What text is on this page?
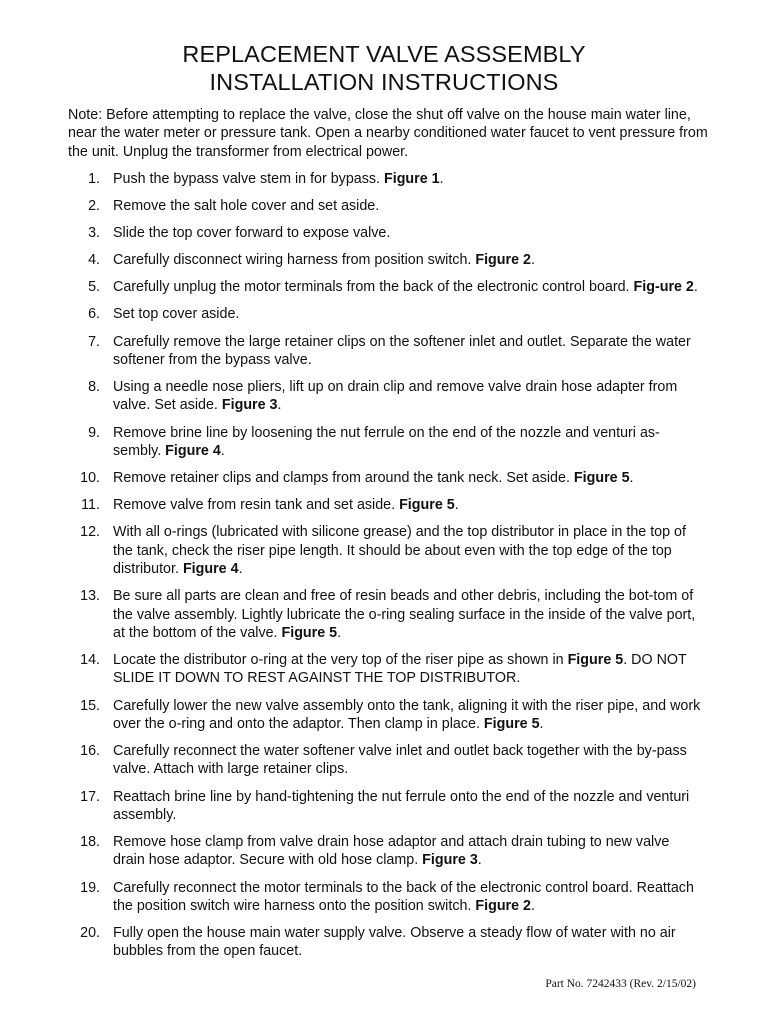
REPLACEMENT VALVE ASSSEMBLY
INSTALLATION INSTRUCTIONS
Note: Before attempting to replace the valve, close the shut off valve on the house main water line, near the water meter or pressure tank. Open a nearby conditioned water faucet to vent pressure from the unit. Unplug the transformer from electrical power.
1. Push the bypass valve stem in for bypass. Figure 1.
2. Remove the salt hole cover and set aside.
3. Slide the top cover forward to expose valve.
4. Carefully disconnect wiring harness from position switch. Figure 2.
5. Carefully unplug the motor terminals from the back of the electronic control board. Fig-ure 2.
6. Set top cover aside.
7. Carefully remove the large retainer clips on the softener inlet and outlet. Separate the water softener from the bypass valve.
8. Using a needle nose pliers, lift up on drain clip and remove valve drain hose adapter from valve. Set aside. Figure 3.
9. Remove brine line by loosening the nut ferrule on the end of the nozzle and venturi as-sembly. Figure 4.
10. Remove retainer clips and clamps from around the tank neck. Set aside. Figure 5.
11. Remove valve from resin tank and set aside. Figure 5.
12. With all o-rings (lubricated with silicone grease) and the top distributor in place in the top of the tank, check the riser pipe length. It should be about even with the top edge of the top distributor. Figure 4.
13. Be sure all parts are clean and free of resin beads and other debris, including the bot-tom of the valve assembly. Lightly lubricate the o-ring sealing surface in the inside of the valve port, at the bottom of the valve. Figure 5.
14. Locate the distributor o-ring at the very top of the riser pipe as shown in Figure 5. DO NOT SLIDE IT DOWN TO REST AGAINST THE TOP DISTRIBUTOR.
15. Carefully lower the new valve assembly onto the tank, aligning it with the riser pipe, and work over the o-ring and onto the adaptor. Then clamp in place. Figure 5.
16. Carefully reconnect the water softener valve inlet and outlet back together with the by-pass valve. Attach with large retainer clips.
17. Reattach brine line by hand-tightening the nut ferrule onto the end of the nozzle and venturi assembly.
18. Remove hose clamp from valve drain hose adaptor and attach drain tubing to new valve drain hose adaptor. Secure with old hose clamp. Figure 3.
19. Carefully reconnect the motor terminals to the back of the electronic control board. Reattach the position switch wire harness onto the position switch. Figure 2.
20. Fully open the house main water supply valve. Observe a steady flow of water with no air bubbles from the open faucet.
Part No. 7242433 (Rev. 2/15/02)
